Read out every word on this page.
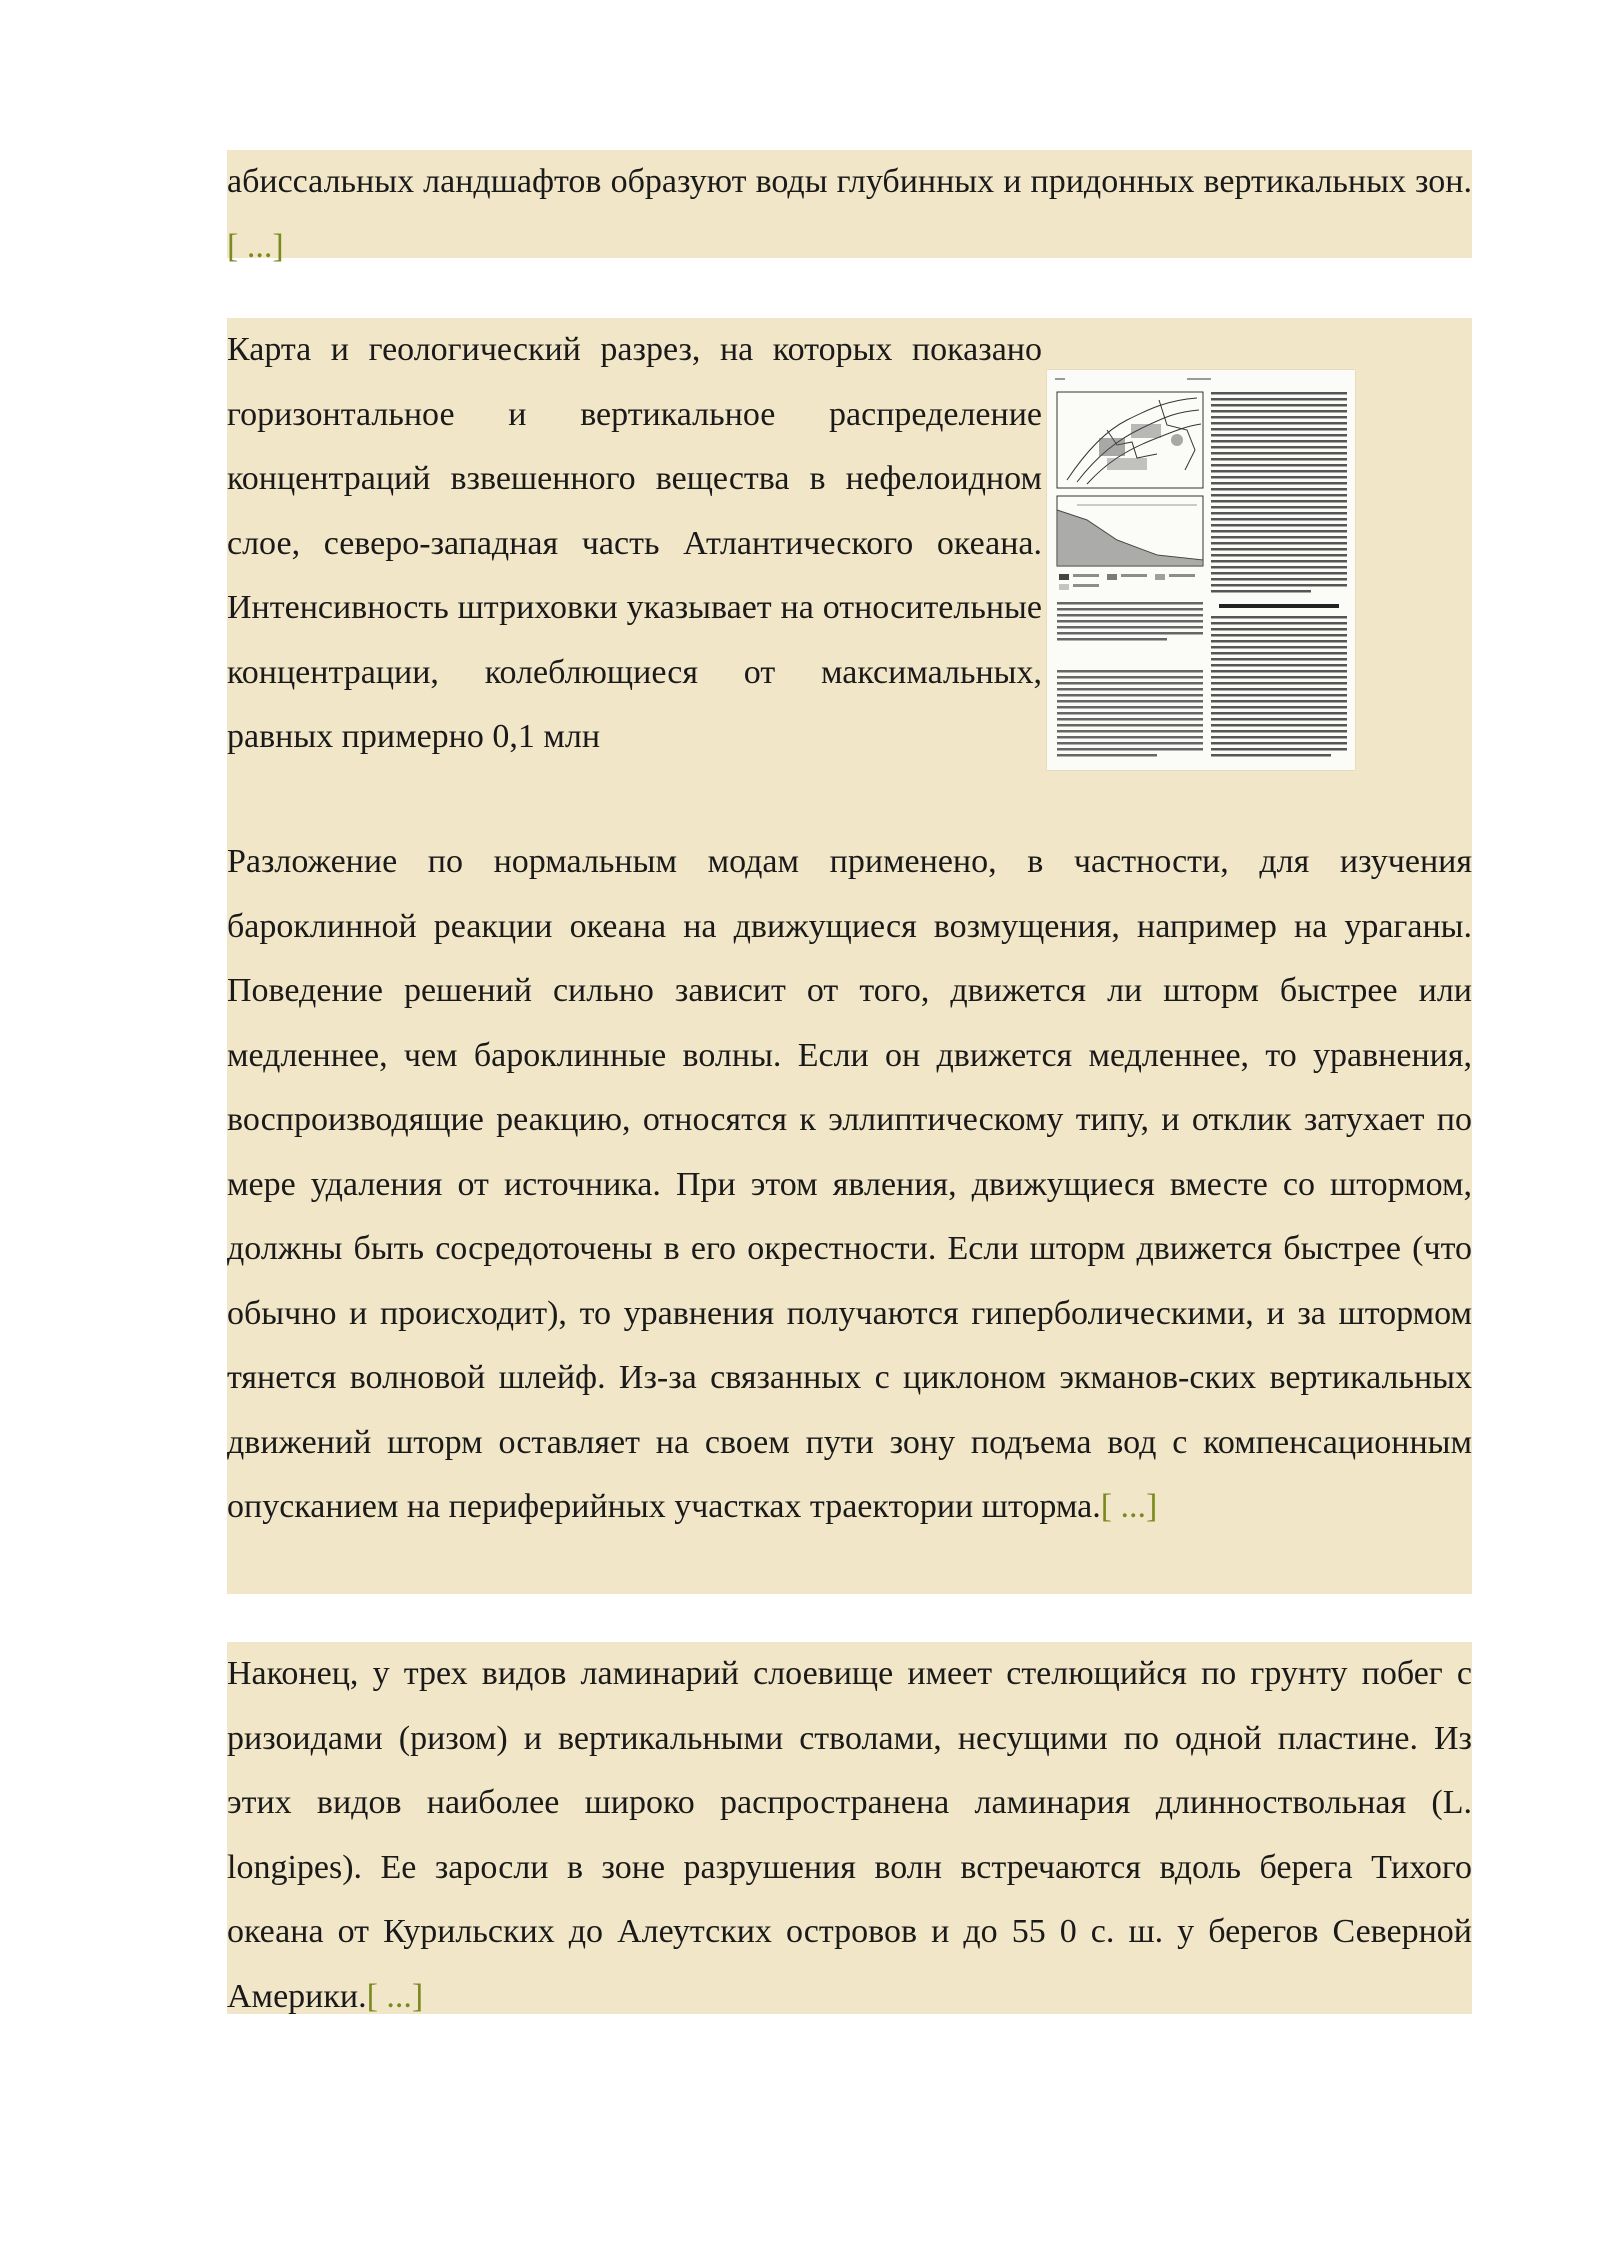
абиссальных ландшафтов образуют воды глубинных и придонных вертикальных зон.[ ...]

Карта и геологический разрез, на которых показано горизонтальное и вертикальное распределение концентраций взвешенного вещества в нефелоидном слое, северо-западная часть Атлантического океана. Интенсивность штриховки указывает на относительные концентрации, колеблющиеся от максимальных, равных примерно 0,1 млн

Разложение по нормальным модам применено, в частности, для изучения бароклинной реакции океана на движущиеся возмущения, например на ураганы. Поведение решений сильно зависит от того, движется ли шторм быстрее или медленнее, чем бароклинные волны. Если он движется медленнее, то уравнения, воспроизводящие реакцию, относятся к эллиптическому типу, и отклик затухает по мере удаления от источника. При этом явления, движущиеся вместе со штормом, должны быть сосредоточены в его окрестности. Если шторм движется быстрее (что обычно и происходит), то уравнения получаются гиперболическими, и за штормом тянется волновой шлейф. Из-за связанных с циклоном экманов-ских вертикальных движений шторм оставляет на своем пути зону подъема вод с компенсационным опусканием на периферийных участках траектории шторма.[ ...]

Наконец, у трех видов ламинарий слоевище имеет стелющийся по грунту побег с ризоидами (ризом) и вертикальными стволами, несущими по одной пластине. Из этих видов наиболее широко распространена ламинария длинноствольная (L. longipes). Ее заросли в зоне разрушения волн встречаются вдоль берега Тихого океана от Курильских до Алеутских островов и до 55 0 с. ш. у берегов Северной Америки.[ ...]
